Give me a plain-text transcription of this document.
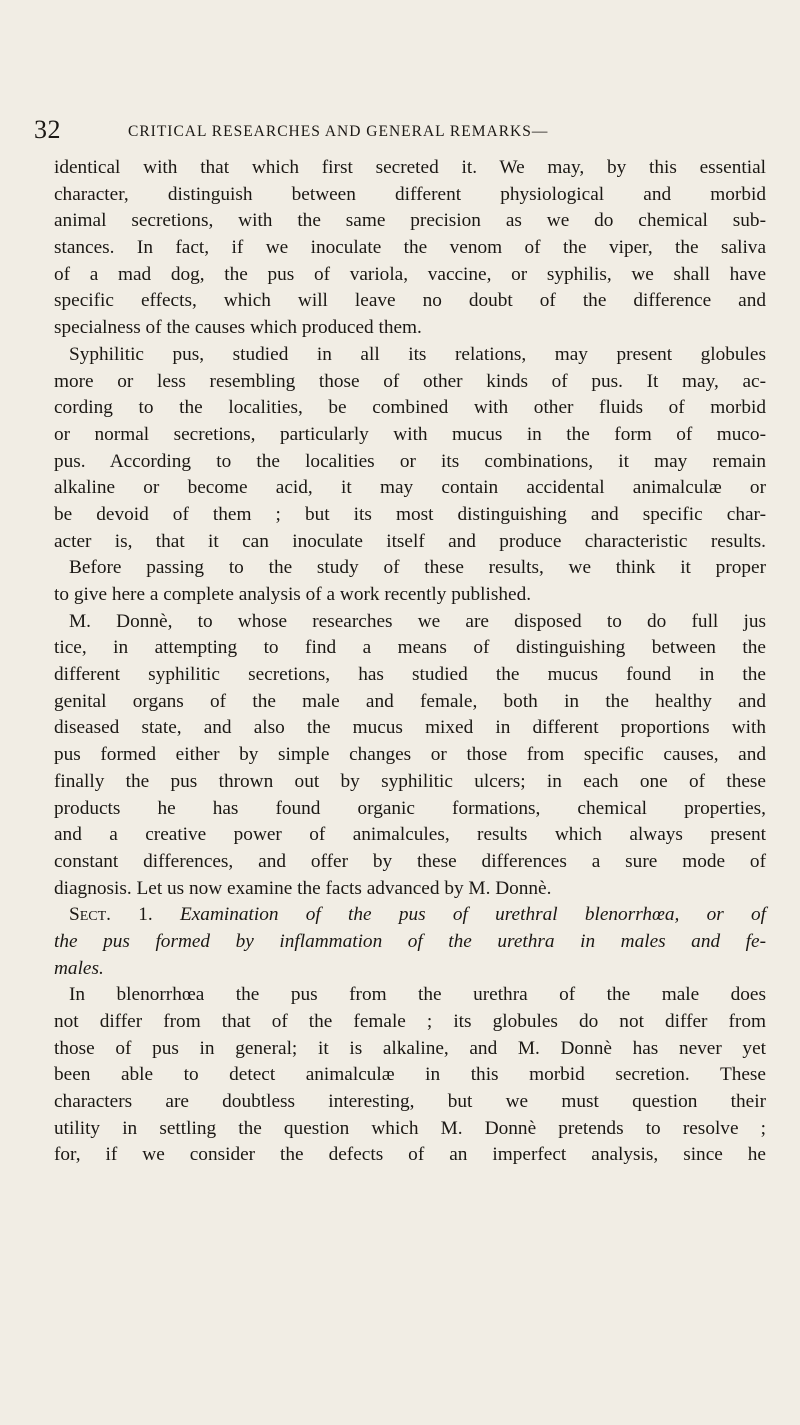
32	CRITICAL RESEARCHES AND GENERAL REMARKS—
identical with that which first secreted it. We may, by this essential
character, distinguish between different physiological and morbid
animal secretions, with the same precision as we do chemical sub-
stances. In fact, if we inoculate the venom of the viper, the saliva
of a mad dog, the pus of variola, vaccine, or syphilis, we shall have
specific effects, which will leave no doubt of the difference and
specialness of the causes which produced them.
Syphilitic pus, studied in all its relations, may present globules
more or less resembling those of other kinds of pus. It may, ac-
cording to the localities, be combined with other fluids of morbid
or normal secretions, particularly with mucus in the form of muco-
pus. According to the localities or its combinations, it may remain
alkaline or become acid, it may contain accidental animalculæ or
be devoid of them ; but its most distinguishing and specific char-
acter is, that it can inoculate itself and produce characteristic results.
Before passing to the study of these results, we think it proper
to give here a complete analysis of a work recently published.
M. Donnè, to whose researches we are disposed to do full jus
tice, in attempting to find a means of distinguishing between the
different syphilitic secretions, has studied the mucus found in the
genital organs of the male and female, both in the healthy and
diseased state, and also the mucus mixed in different proportions with
pus formed either by simple changes or those from specific causes, and
finally the pus thrown out by syphilitic ulcers; in each one of these
products he has found organic formations, chemical properties,
and a creative power of animalcules, results which always present
constant differences, and offer by these differences a sure mode of
diagnosis. Let us now examine the facts advanced by M. Donnè.
Sect. 1. Examination of the pus of urethral blenorrhœa, or of
the pus formed by inflammation of the urethra in males and fe-
males.
In blenorrhœa the pus from the urethra of the male does
not differ from that of the female ; its globules do not differ from
those of pus in general; it is alkaline, and M. Donnè has never yet
been able to detect animalculæ in this morbid secretion. These
characters are doubtless interesting, but we must question their
utility in settling the question which M. Donnè pretends to resolve ;
for, if we consider the defects of an imperfect analysis, since he
